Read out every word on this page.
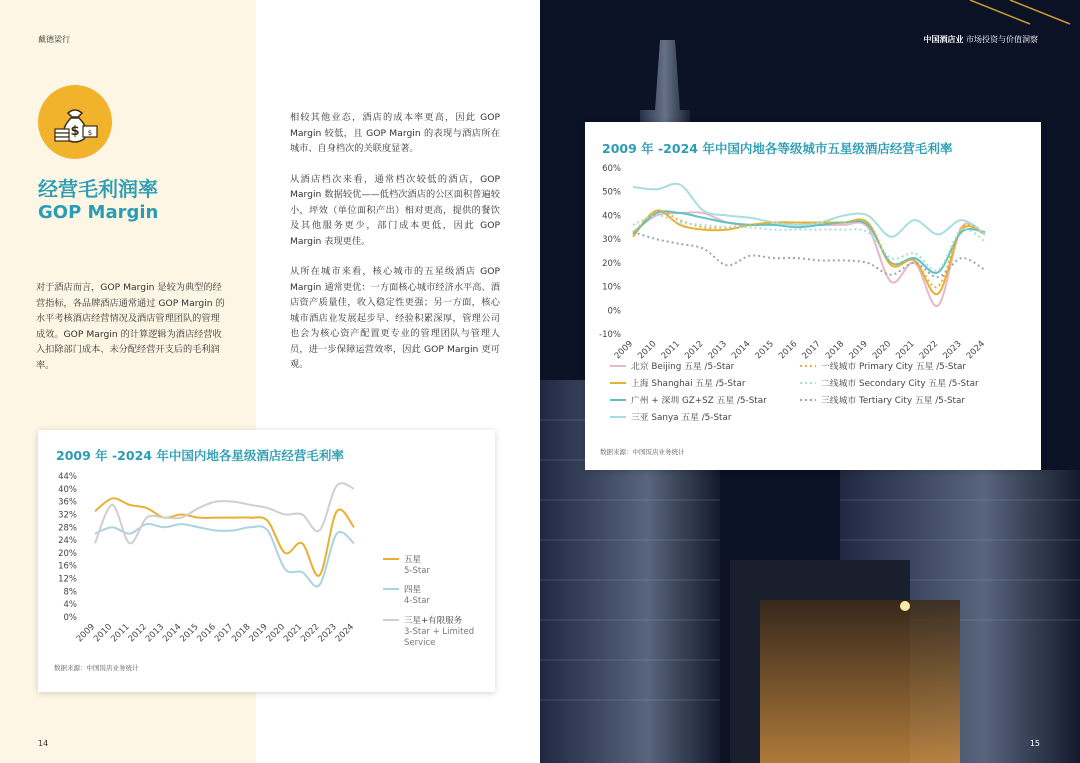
戴德梁行
$ $
经营毛利润率
GOP Margin
对于酒店而言，GOP Margin 是较为典型的经营指标，各品牌酒店通常通过 GOP Margin 的水平考核酒店经营情况及酒店管理团队的管理成效。GOP Margin 的计算逻辑为酒店经营收入扣除部门成本、未分配经营开支后的毛利润率。

相较其他业态，酒店的成本率更高，因此 GOP Margin 较低，且 GOP Margin 的表现与酒店所在城市、自身档次的关联度显著。

从酒店档次来看，通常档次较低的酒店，GOP Margin 数据较优——低档次酒店的公区面积普遍较小，坪效（单位面积产出）相对更高，提供的餐饮及其他服务更少，部门成本更低，因此 GOP Margin 表现更佳。

从所在城市来看，核心城市的五星级酒店 GOP Margin 通常更优：一方面核心城市经济水平高、酒店资产质量佳，收入稳定性更强；另一方面，核心城市酒店业发展起步早、经验积累深厚，管理公司也会为核心资产配置更专业的管理团队与管理人员，进一步保障运营效率，因此 GOP Margin 更可观。

2009 年 -2024 年中国内地各星级酒店经营毛利率
0%
4%
8%
12%
16%
20%
24%
28%
32%
36%
40%
44%
2009
2010
2011
2012
2013
2014
2015
2016
2017
2018
2019
2020
2021
2022
2023
2024
五星
5-Star
四星
4-Star
三星+有限服务
3-Star + Limited
Service
数据来源：中国饭店业务统计
14
中国酒店业 市场投资与价值洞察
15
2009 年 -2024 年中国内地各等级城市五星级酒店经营毛利率
-10%
0%
10%
20%
30%
40%
50%
60%
2009 2010 2011 2012 2013 2014 2015 2016 2017 2018 2019 2020 2021 2022 2023 2024
北京 Beijing 五星 /5-Star
上海 Shanghai 五星 /5-Star
广州 + 深圳 GZ+SZ 五星 /5-Star
三亚 Sanya 五星 /5-Star
一线城市 Primary City 五星 /5-Star
二线城市 Secondary City 五星 /5-Star
三线城市 Tertiary City 五星 /5-Star
数据来源：中国饭店业务统计
